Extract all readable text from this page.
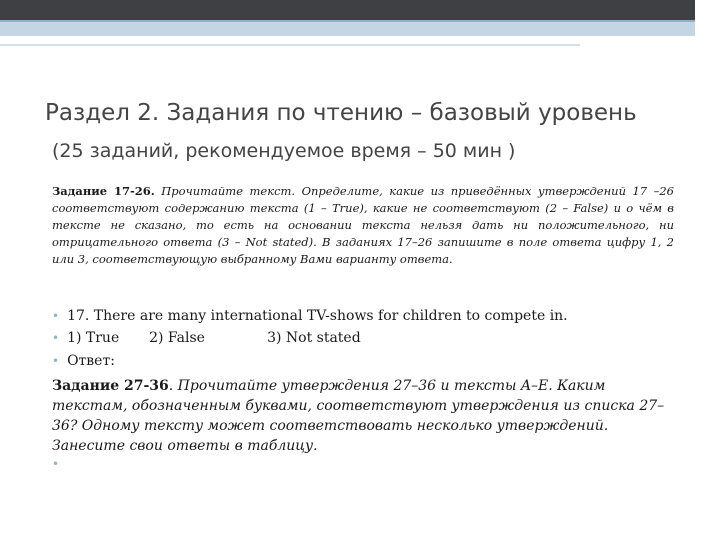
Раздел 2. Задания по чтению – базовый уровень
(25 заданий, рекомендуемое время – 50 мин )
Задание 17-26. Прочитайте текст. Определите, какие из приведённых утверждений 17 –26 соответствуют содержанию текста (1 – True), какие не соответствуют (2 – False) и о чём в тексте не сказано, то есть на основании текста нельзя дать ни положительного, ни отрицательного ответа (3 – Not stated). В заданиях 17–26 запишите в поле ответа цифру 1, 2 или 3, соответствующую выбранному Вами варианту ответа.
• 17. There are many international TV-shows for children to compete in.
• 1) True 2) False	3) Not stated
• Ответ:
Задание 27-36. Прочитайте утверждения 27–36 и тексты A–E. Каким текстам, обозначенным буквами, соответствуют утверждения из списка 27–36? Одному тексту может соответствовать несколько утверждений. Занесите свои ответы в таблицу.
•
